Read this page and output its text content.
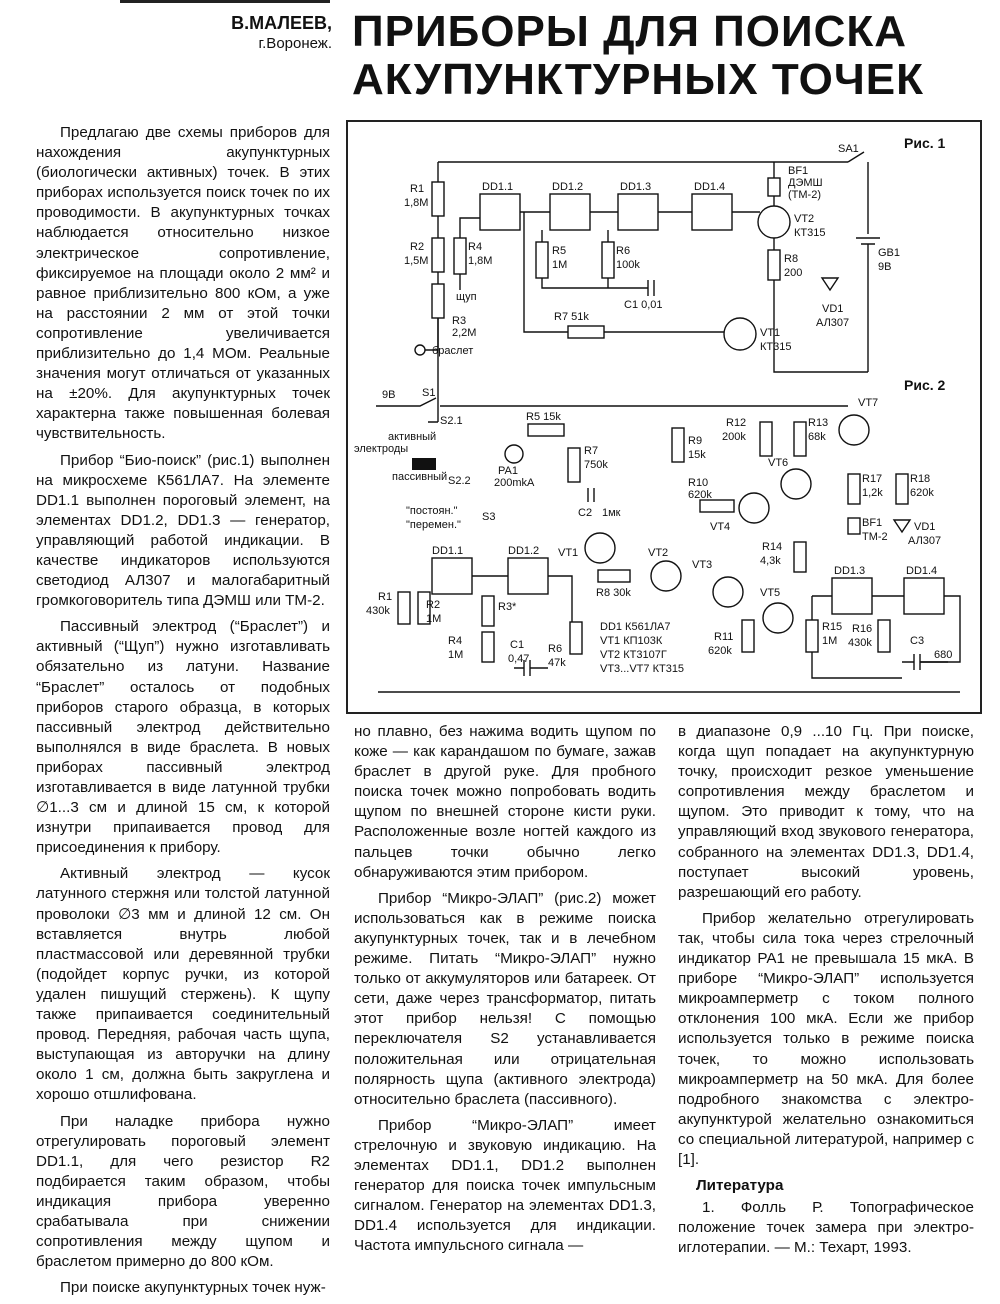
В.МАЛЕЕВ,
г.Воронеж. ПРИБОРЫ ДЛЯ ПОИСКА
АКУПУНКТУРНЫХ ТОЧЕК

Предлагаю две схемы приборов для нахождения акупунктурных (биологически активных) точек. В этих приборах используется поиск точек по их проводимости. В акупунктурных точках наблюдается относительно низкое электрическое сопротивление, фиксируемое на площади около 2 мм² и равное приблизительно 800 кОм, а уже на расстоянии 2 мм от этой точки сопротивление увеличивается приблизительно до 1,4 МОм. Реальные значения могут отличаться от указанных на ±20%. Для акупунктурных точек характерна также повышенная болевая чувствительность.

Прибор “Био-поиск” (рис.1) выполнен на микросхеме К561ЛА7. На элементе DD1.1 выполнен пороговый элемент, на элементах DD1.2, DD1.3 — генератор, управляющий работой индикации. В качестве индикаторов используются светодиод АЛ307 и малогабаритный громкоговоритель типа ДЭМШ или ТМ-2.

Пассивный электрод (“Браслет”) и активный (“Щуп”) нужно изготавливать обязательно из латуни. Название “Браслет” осталось от подобных приборов старого образца, в которых пассивный электрод действительно выполнялся в виде браслета. В новых приборах пассивный электрод изготавливается в виде латунной трубки ∅1...3 см и длиной 15 см, к которой изнутри припаивается провод для присоединения к прибору.

Активный электрод — кусок латунного стержня или толстой латунной проволоки ∅3 мм и длиной 12 см. Он вставляется внутрь любой пластмассовой или деревянной трубки (подойдет корпус ручки, из которой удален пишущий стержень). К щупу также припаивается соединительный провод. Передняя, рабочая часть щупа, выступающая из авторучки на длину около 1 см, должна быть закруглена и хорошо отшлифована.

При наладке прибора нужно отрегулировать пороговый элемент DD1.1, для чего резистор R2 подбирается таким образом, чтобы индикация прибора уверенно срабатывала при снижении сопротивления между щупом и браслетом примерно до 800 кОм.

При поиске акупунктурных точек нуж-

Рис. 1
R1
1,8M
R2
1,5M
R3
2,2M
браслет
R4
1,8M
щуп
DD1.1	DD1.2	DD1.3	DD1.4
R5
1M
R6
100k
C1 0,01
R7 51k
VT1
КТ315
VT2
КТ315
BF1
ДЭМШ
(ТМ-2)
R8
200
SA1
GB1
9В
VD1
АЛ307
Рис. 2
9В S1
S2.1
активный
пассивный S2.2
электроды
R5 15k
PA1
200mkA
R7
750k
C2 1мк
"постоян."
"перемен."
S3
VT1	VT2
R8 30k
VT3
VT4
VT5
VT6
VT7
R9
15k
R10
620k
R12
200k
R13
68k
R14
4,3k
R11
620k
R17
1,2k
R18
620k
BF1
ТМ-2
VD1
АЛ307
DD1.3	DD1.4
R15
1M
R16
430k	C3
680
DD1.1	DD1.2
R1
430k	R2
1M
R3*
R4
1M
C1
0,47
R6
47k
DD1 К561ЛА7
VT1 КП103К
VT2 КТ3107Г
VT3...VT7 КТ315

но плавно, без нажима водить щупом по коже — как карандашом по бумаге, зажав браслет в другой руке. Для пробного поиска точек можно попробовать водить щупом по внешней стороне кисти руки. Расположенные возле ногтей каждого из пальцев точки обычно легко обнаруживаются этим прибором.

Прибор “Микро-ЭЛАП” (рис.2) может использоваться как в режиме поиска акупунктурных точек, так и в лечебном режиме. Питать “Микро-ЭЛАП” нужно только от аккумуляторов или батареек. От сети, даже через трансформатор, питать этот прибор нельзя! С помощью переключателя S2 устанавливается положительная или отрицательная полярность щупа (активного электрода) относительно браслета (пассивного).

Прибор “Микро-ЭЛАП” имеет стрелочную и звуковую индикацию. На элементах DD1.1, DD1.2 выполнен генератор для поиска точек импульсным сигналом. Генератор на элементах DD1.3, DD1.4 используется для индикации. Частота импульсного сигнала —

в диапазоне 0,9 ...10 Гц. При поиске, когда щуп попадает на акупунктурную точку, происходит резкое уменьшение сопротивления между браслетом и щупом. Это приводит к тому, что на управляющий вход звукового генератора, собранного на элементах DD1.3, DD1.4, поступает высокий уровень, разрешающий его работу.

Прибор желательно отрегулировать так, чтобы сила тока через стрелочный индикатор PA1 не превышала 15 мкА. В приборе “Микро-ЭЛАП” используется микроамперметр с током полного отклонения 100 мкА. Если же прибор используется только в режиме поиска точек, то можно использовать микроамперметр на 50 мкА. Для более подробного знакомства с электро-акупунктурой желательно ознакомиться со специальной литературой, например с [1].

Литература

1. Фолль Р. Топографическое положение точек замера при электро-иглотерапии. — М.: Техарт, 1993.
